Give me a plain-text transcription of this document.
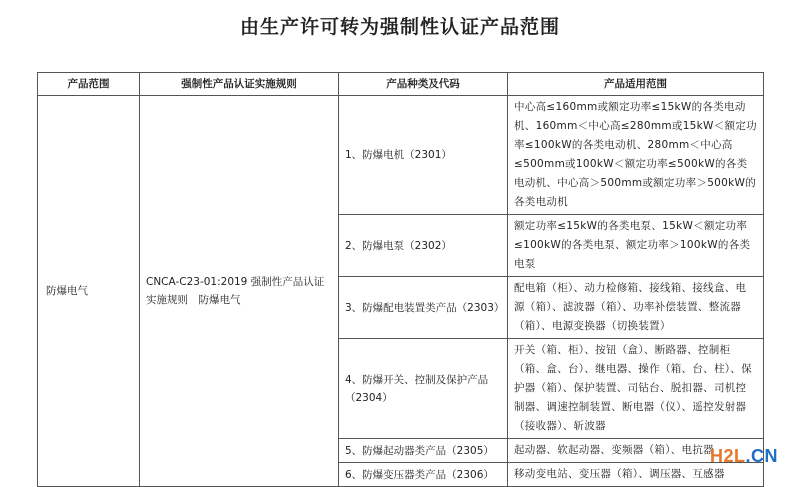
由生产许可转为强制性认证产品范围
产品范围	强制性产品认证实施规则	产品种类及代码	产品适用范围
防爆电气	CNCA-C23-01:2019 强制性产品认证实施规则　防爆电气	1、防爆电机（2301）	中心高≤160mm或额定功率≤15kW的各类电动机、160mm＜中心高≤280mm或15kW＜额定功率≤100kW的各类电动机、280mm＜中心高≤500mm或100kW＜额定功率≤500kW的各类电动机、中心高＞500mm或额定功率＞500kW的各类电动机
		2、防爆电泵（2302）	额定功率≤15kW的各类电泵、15kW＜额定功率≤100kW的各类电泵、额定功率＞100kW的各类电泵
		3、防爆配电装置类产品（2303）	配电箱（柜）、动力检修箱、接线箱、接线盒、电源（箱）、滤波器（箱）、功率补偿装置、整流器（箱）、电源变换器（切换装置）
		4、防爆开关、控制及保护产品（2304）	开关（箱、柜）、按钮（盒）、断路器、控制柜（箱、盒、台）、继电器、操作（箱、台、柱）、保护器（箱）、保护装置、司钻台、脱扣器、司机控制器、调速控制装置、断电器（仪）、遥控发射器（接收器）、斩波器
		5、防爆起动器类产品（2305）	起动器、软起动器、变频器（箱）、电抗器
		6、防爆变压器类产品（2306）	移动变电站、变压器（箱）、调压器、互感器
H2L.CN
